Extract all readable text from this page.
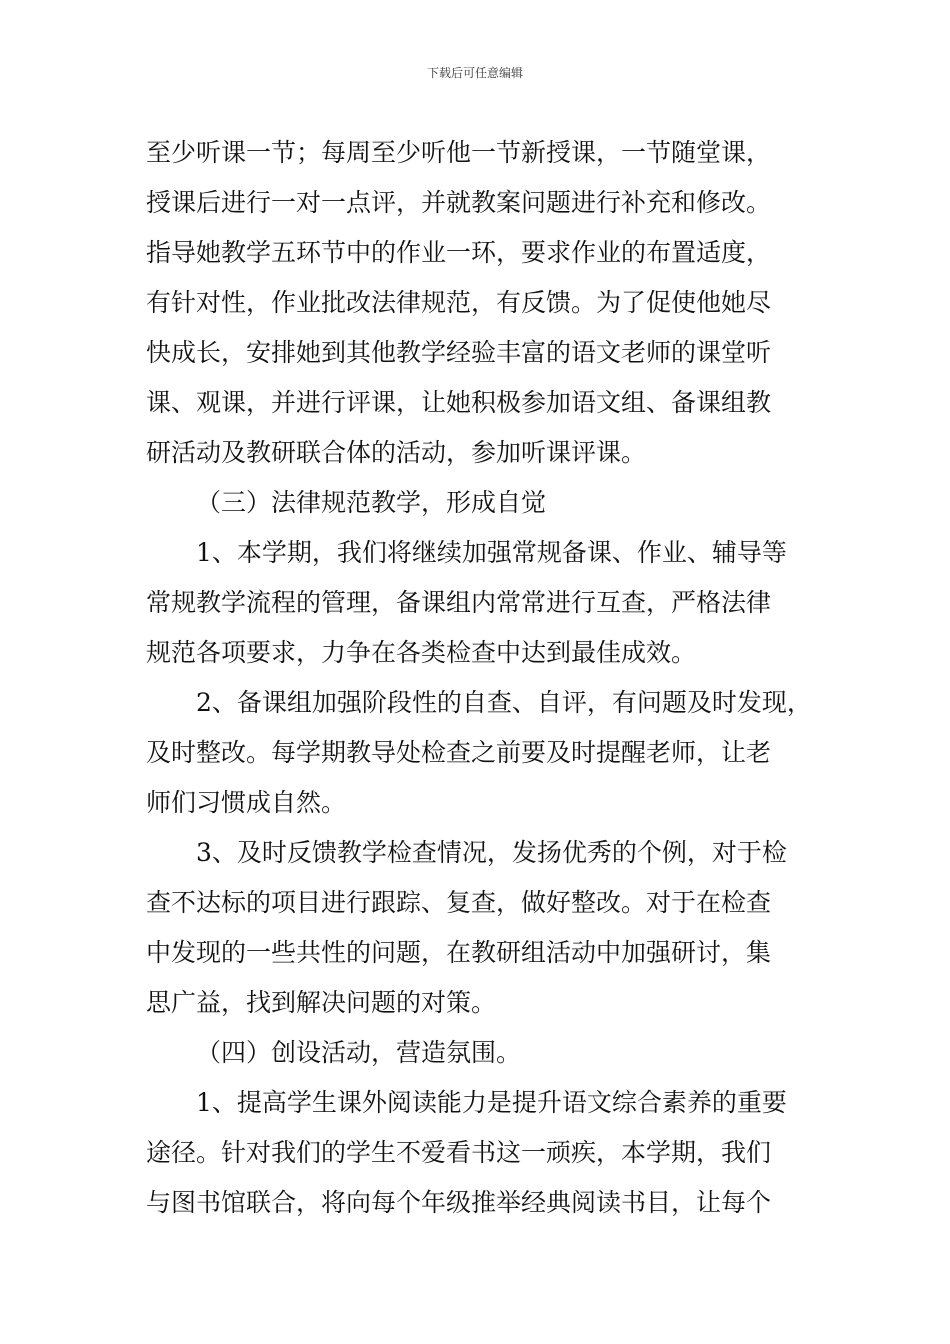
下载后可任意编辑
至少听课一节；每周至少听他一节新授课，一节随堂课，
授课后进行一对一点评，并就教案问题进行补充和修改。
指导她教学五环节中的作业一环，要求作业的布置适度，
有针对性，作业批改法律规范，有反馈。为了促使他她尽
快成长，安排她到其他教学经验丰富的语文老师的课堂听
课、观课，并进行评课，让她积极参加语文组、备课组教
研活动及教研联合体的活动，参加听课评课。
（三）法律规范教学，形成自觉
1、本学期，我们将继续加强常规备课、作业、辅导等
常规教学流程的管理，备课组内常常进行互查，严格法律
规范各项要求，力争在各类检查中达到最佳成效。
2、备课组加强阶段性的自查、自评，有问题及时发现，
及时整改。每学期教导处检查之前要及时提醒老师，让老
师们习惯成自然。
3、及时反馈教学检查情况，发扬优秀的个例，对于检
查不达标的项目进行跟踪、复查，做好整改。对于在检查
中发现的一些共性的问题，在教研组活动中加强研讨，集
思广益，找到解决问题的对策。
（四）创设活动，营造氛围。
1、提高学生课外阅读能力是提升语文综合素养的重要
途径。针对我们的学生不爱看书这一顽疾，本学期，我们
与图书馆联合，将向每个年级推举经典阅读书目，让每个
